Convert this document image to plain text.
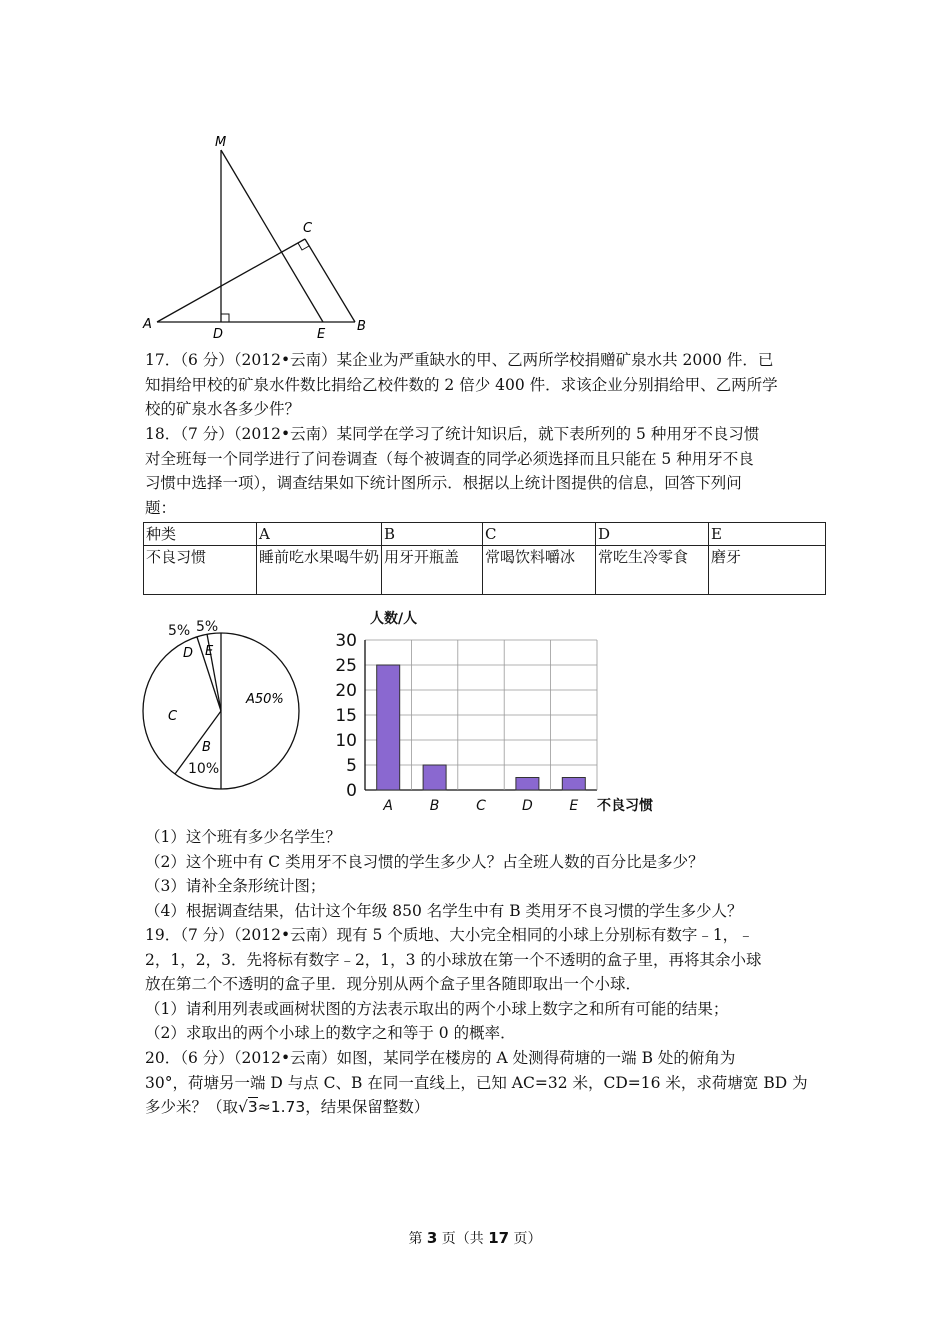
M
C
A
D	E
B

17．（6 分）（2012•云南）某企业为严重缺水的甲、乙两所学校捐赠矿泉水共 2000 件．已

知捐给甲校的矿泉水件数比捐给乙校件数的 2 倍少 400 件．求该企业分别捐给甲、乙两所学

校的矿泉水各多少件？

18．（7 分）（2012•云南）某同学在学习了统计知识后，就下表所列的 5 种用牙不良习惯

对全班每一个同学进行了问卷调查（每个被调查的同学必须选择而且只能在 5 种用牙不良

习惯中选择一项），调查结果如下统计图所示．根据以上统计图提供的信息，回答下列问

题：

种类	A	B	C	D	E
不良习惯	睡前吃水果喝牛奶	用牙开瓶盖	常喝饮料嚼冰	常吃生冷零食	磨牙
A50%
B
10%
C
D
5%
E
5%
0
5
10
15
20
25
30
A	B	C	D	E
人数/人
不良习惯

（1）这个班有多少名学生？

（2）这个班中有 C 类用牙不良习惯的学生多少人？占全班人数的百分比是多少？

（3）请补全条形统计图；

（4）根据调查结果，估计这个年级 850 名学生中有 B 类用牙不良习惯的学生多少人？

19．（7 分）（2012•云南）现有 5 个质地、大小完全相同的小球上分别标有数字﹣1，﹣

2，1，2，3．先将标有数字﹣2，1，3 的小球放在第一个不透明的盒子里，再将其余小球

放在第二个不透明的盒子里．现分别从两个盒子里各随即取出一个小球．

（1）请利用列表或画树状图的方法表示取出的两个小球上数字之和所有可能的结果；

（2）求取出的两个小球上的数字之和等于 0 的概率．

20．（6 分）（2012•云南）如图，某同学在楼房的 A 处测得荷塘的一端 B 处的俯角为

30°，荷塘另一端 D 与点 C、B 在同一直线上，已知 AC=32 米，CD=16 米，求荷塘宽 BD 为

多少米？（取√3≈1.73，结果保留整数）

第 3 页（共 17 页）
